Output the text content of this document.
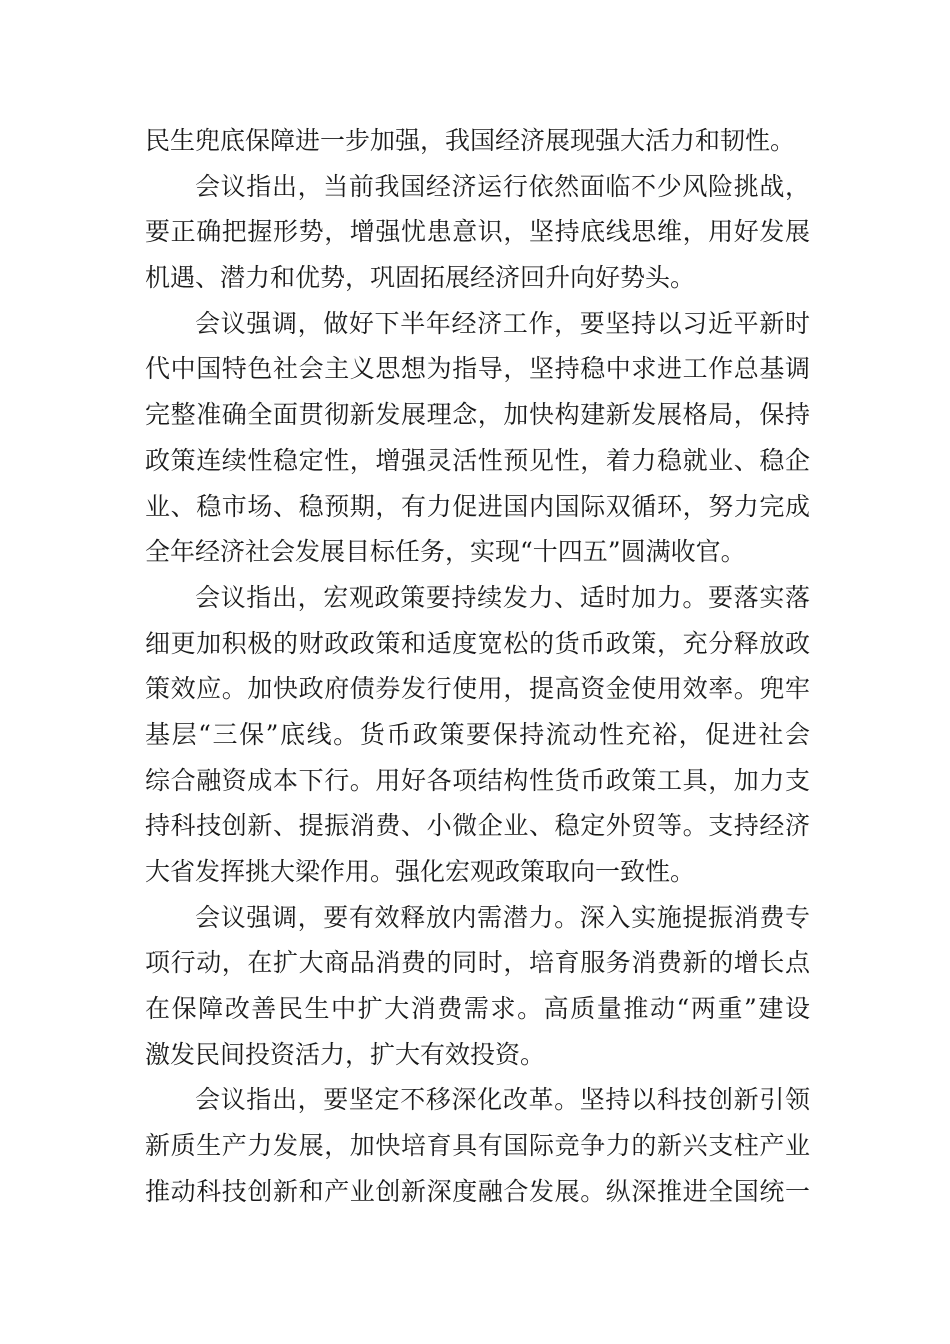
民生兜底保障进一步加强，我国经济展现强大活力和韧性。
会议指出，当前我国经济运行依然面临不少风险挑战，
要正确把握形势，增强忧患意识，坚持底线思维，用好发展
机遇、潜力和优势，巩固拓展经济回升向好势头。
会议强调，做好下半年经济工作，要坚持以习近平新时
代中国特色社会主义思想为指导，坚持稳中求进工作总基调
完整准确全面贯彻新发展理念，加快构建新发展格局，保持
政策连续性稳定性，增强灵活性预见性，着力稳就业、稳企
业、稳市场、稳预期，有力促进国内国际双循环，努力完成
全年经济社会发展目标任务，实现“十四五”圆满收官。
会议指出，宏观政策要持续发力、适时加力。要落实落
细更加积极的财政政策和适度宽松的货币政策，充分释放政
策效应。加快政府债券发行使用，提高资金使用效率。兜牢
基层“三保”底线。货币政策要保持流动性充裕，促进社会
综合融资成本下行。用好各项结构性货币政策工具，加力支
持科技创新、提振消费、小微企业、稳定外贸等。支持经济
大省发挥挑大梁作用。强化宏观政策取向一致性。
会议强调，要有效释放内需潜力。深入实施提振消费专
项行动，在扩大商品消费的同时，培育服务消费新的增长点
在保障改善民生中扩大消费需求。高质量推动“两重”建设
激发民间投资活力，扩大有效投资。
会议指出，要坚定不移深化改革。坚持以科技创新引领
新质生产力发展，加快培育具有国际竞争力的新兴支柱产业
推动科技创新和产业创新深度融合发展。纵深推进全国统一
